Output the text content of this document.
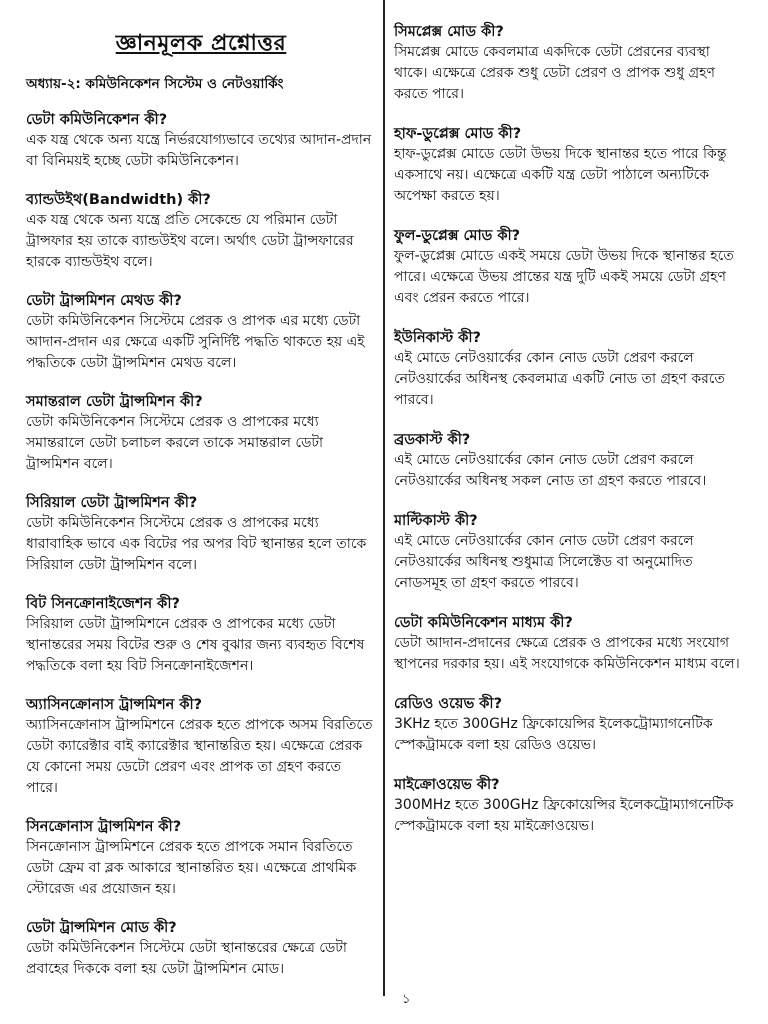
জ্ঞানমূলক প্রশ্নোত্তর
অধ্যায়-২: কমিউনিকেশন সিস্টেম ও নেটওয়ার্কিং

ডেটা কমিউনিকেশন কী?

এক যন্ত্র থেকে অন্য যন্ত্রে নির্ভরযোগ্যভাবে তথ্যের আদান-প্রদান বা বিনিময়ই হচ্ছে ডেটা কমিউনিকেশন।

ব্যান্ডউইথ(Bandwidth) কী?

এক যন্ত্র থেকে অন্য যন্ত্রে প্রতি সেকেন্ডে যে পরিমান ডেটা ট্রান্সফার হয় তাকে ব্যান্ডউইথ বলে। অর্থাৎ ডেটা ট্রান্সফারের হারকে ব্যান্ডউইথ বলে।

ডেটা ট্রান্সমিশন মেথড কী?

ডেটা কমিউনিকেশন সিস্টেমে প্রেরক ও প্রাপক এর মধ্যে ডেটা আদান-প্রদান এর ক্ষেত্রে একটি সুনির্দিষ্ট পদ্ধতি থাকতে হয় এই পদ্ধতিকে ডেটা ট্রান্সমিশন মেথড বলে।

সমান্তরাল ডেটা ট্রান্সমিশন কী?

ডেটা কমিউনিকেশন সিস্টেমে প্রেরক ও প্রাপকের মধ্যে সমান্তরালে ডেটা চলাচল করলে তাকে সমান্তরাল ডেটা ট্রান্সমিশন বলে।

সিরিয়াল ডেটা ট্রান্সমিশন কী?

ডেটা কমিউনিকেশন সিস্টেমে প্রেরক ও প্রাপকের মধ্যে ধারাবাহিক ভাবে এক বিটের পর অপর বিট স্থানান্তর হলে তাকে সিরিয়াল ডেটা ট্রান্সমিশন বলে।

বিট সিনক্রোনাইজেশন কী?

সিরিয়াল ডেটা ট্রান্সমিশনে প্রেরক ও প্রাপকের মধ্যে ডেটা স্থানান্তরের সময় বিটের শুরু ও শেষ বুঝার জন্য ব্যবহৃত বিশেষ পদ্ধতিকে বলা হয় বিট সিনক্রোনাইজেশন।

অ্যাসিনক্রোনাস ট্রান্সমিশন কী?

অ্যাসিনক্রোনাস ট্রান্সমিশনে প্রেরক হতে প্রাপকে অসম বিরতিতে ডেটা ক্যারেক্টার বাই ক্যারেক্টার স্থানান্তরিত হয়। এক্ষেত্রে প্রেরক যে কোনো সময় ডেটো প্রেরণ এবং প্রাপক তা গ্রহণ করতে পারে।

সিনক্রোনাস ট্রান্সমিশন কী?

সিনক্রোনাস ট্রান্সমিশনে প্রেরক হতে প্রাপকে সমান বিরতিতে ডেটা ফ্রেম বা ব্লক আকারে স্থানান্তরিত হয়। এক্ষেত্রে প্রাথমিক স্টোরেজ এর প্রয়োজন হয়।

ডেটা ট্রান্সমিশন মোড কী?

ডেটা কমিউনিকেশন সিস্টেমে ডেটা স্থানান্তরের ক্ষেত্রে ডেটা প্রবাহের দিককে বলা হয় ডেটা ট্রান্সমিশন মোড।

সিমপ্লেক্স মোড কী?

সিমপ্লেক্স মোডে কেবলমাত্র একদিকে ডেটা প্রেরনের ব্যবস্থা থাকে। এক্ষেত্রে প্রেরক শুধু ডেটা প্রেরণ ও প্রাপক শুধু গ্রহণ করতে পারে।

হাফ-ডুপ্লেক্স মোড কী?

হাফ-ডুপ্লেক্স মোডে ডেটা উভয় দিকে স্থানান্তর হতে পারে কিন্তু একসাথে নয়। এক্ষেত্রে একটি যন্ত্র ডেটা পাঠালে অন্যটিকে অপেক্ষা করতে হয়।

ফুল-ডুপ্লেক্স মোড কী?

ফুল-ডুপ্লেক্স মোডে একই সময়ে ডেটা উভয় দিকে স্থানান্তর হতে পারে। এক্ষেত্রে উভয় প্রান্তের যন্ত্র দুটি একই সময়ে ডেটা গ্রহণ এবং প্রেরন করতে পারে।

ইউনিকাস্ট কী?

এই মোডে নেটওয়ার্কের কোন নোড ডেটা প্রেরণ করলে নেটওয়ার্কের অধিনস্থ কেবলমাত্র একটি নোড তা গ্রহণ করতে পারবে।

ব্রডকাস্ট কী?

এই মোডে নেটওয়ার্কের কোন নোড ডেটা প্রেরণ করলে নেটওয়ার্কের অধিনস্থ সকল নোড তা গ্রহণ করতে পারবে।

মাল্টিকাস্ট কী?

এই মোডে নেটওয়ার্কের কোন নোড ডেটা প্রেরণ করলে নেটওয়ার্কের অধিনস্থ শুধুমাত্র সিলেক্টেড বা অনুমোদিত নোডসমূহ তা গ্রহণ করতে পারবে।

ডেটা কমিউনিকেশন মাধ্যম কী?

ডেটা আদান-প্রদানের ক্ষেত্রে প্রেরক ও প্রাপকের মধ্যে সংযোগ স্থাপনের দরকার হয়। এই সংযোগকে কমিউনিকেশন মাধ্যম বলে।

রেডিও ওয়েভ কী?

3KHz হতে 300GHz ফ্রিকোয়েন্সির ইলেকট্রোম্যাগনেটিক স্পেকট্রামকে বলা হয় রেডিও ওয়েভ।

মাইক্রোওয়েভ কী?

300MHz হতে 300GHz ফ্রিকোয়েন্সির ইলেকট্রোম্যাগনেটিক স্পেকট্রামকে বলা হয় মাইক্রোওয়েভ।

১
